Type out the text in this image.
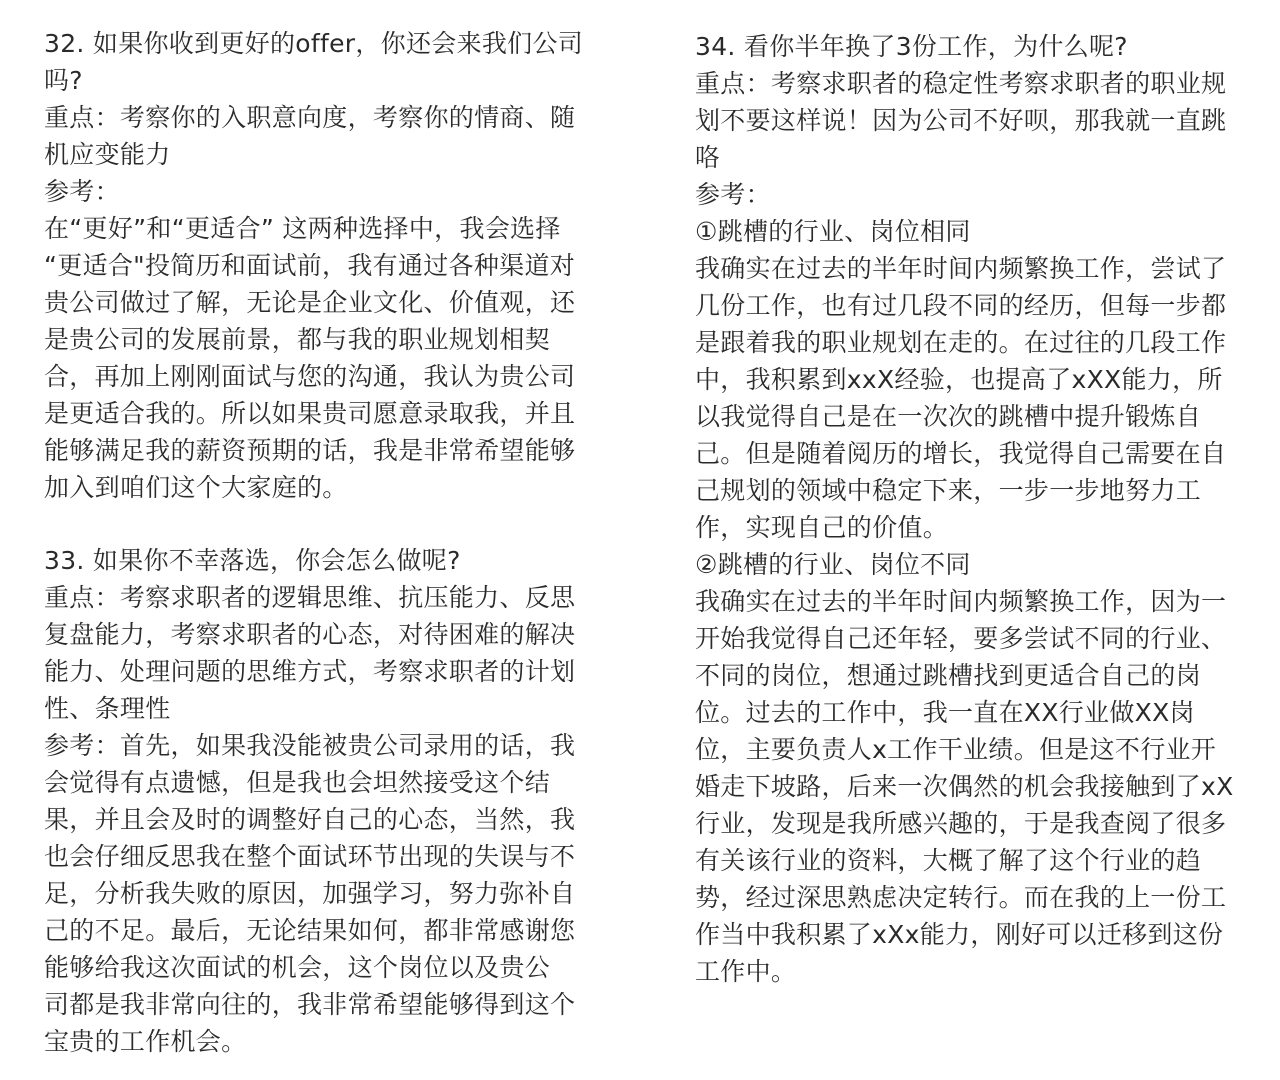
32. 如果你收到更好的offer，你还会来我们公司
吗?
重点：考察你的入职意向度，考察你的情商、随
机应变能力
参考：
在“更好”和“更适合” 这两种选择中，我会选择
“更适合"投简历和面试前，我有通过各种渠道对
贵公司做过了解，无论是企业文化、价值观，还
是贵公司的发展前景，都与我的职业规划相契
合，再加上刚刚面试与您的沟通，我认为贵公司
是更适合我的。所以如果贵司愿意录取我，并且
能够满足我的薪资预期的话，我是非常希望能够
加入到咱们这个大家庭的。
33. 如果你不幸落选，你会怎么做呢?
重点：考察求职者的逻辑思维、抗压能力、反思
复盘能力，考察求职者的心态，对待困难的解决
能力、处理问题的思维方式，考察求职者的计划
性、条理性
参考：首先，如果我没能被贵公司录用的话，我
会觉得有点遗憾，但是我也会坦然接受这个结
果，并且会及时的调整好自己的心态，当然，我
也会仔细反思我在整个面试环节出现的失误与不
足，分析我失败的原因，加强学习，努力弥补自
己的不足。最后，无论结果如何，都非常感谢您
能够给我这次面试的机会，这个岗位以及贵公
司都是我非常向往的，我非常希望能够得到这个
宝贵的工作机会。
34. 看你半年换了3份工作，为什么呢?
重点：考察求职者的稳定性考察求职者的职业规
划不要这样说！因为公司不好呗，那我就一直跳
咯
参考：
①跳槽的行业、岗位相同
我确实在过去的半年时间内频繁换工作，尝试了
几份工作，也有过几段不同的经历，但每一步都
是跟着我的职业规划在走的。在过往的几段工作
中，我积累到xxX经验，也提高了xXX能力，所
以我觉得自己是在一次次的跳槽中提升锻炼自
己。但是随着阅历的增长，我觉得自己需要在自
己规划的领域中稳定下来，一步一步地努力工
作，实现自己的价值。
②跳槽的行业、岗位不同
我确实在过去的半年时间内频繁换工作，因为一
开始我觉得自己还年轻，要多尝试不同的行业、
不同的岗位，想通过跳槽找到更适合自己的岗
位。过去的工作中，我一直在XX行业做XX岗
位，主要负责人x工作干业绩。但是这不行业开
婚走下坡路，后来一次偶然的机会我接触到了xX
行业，发现是我所感兴趣的，于是我查阅了很多
有关该行业的资料，大概了解了这个行业的趋
势，经过深思熟虑决定转行。而在我的上一份工
作当中我积累了xXx能力，刚好可以迁移到这份
工作中。
